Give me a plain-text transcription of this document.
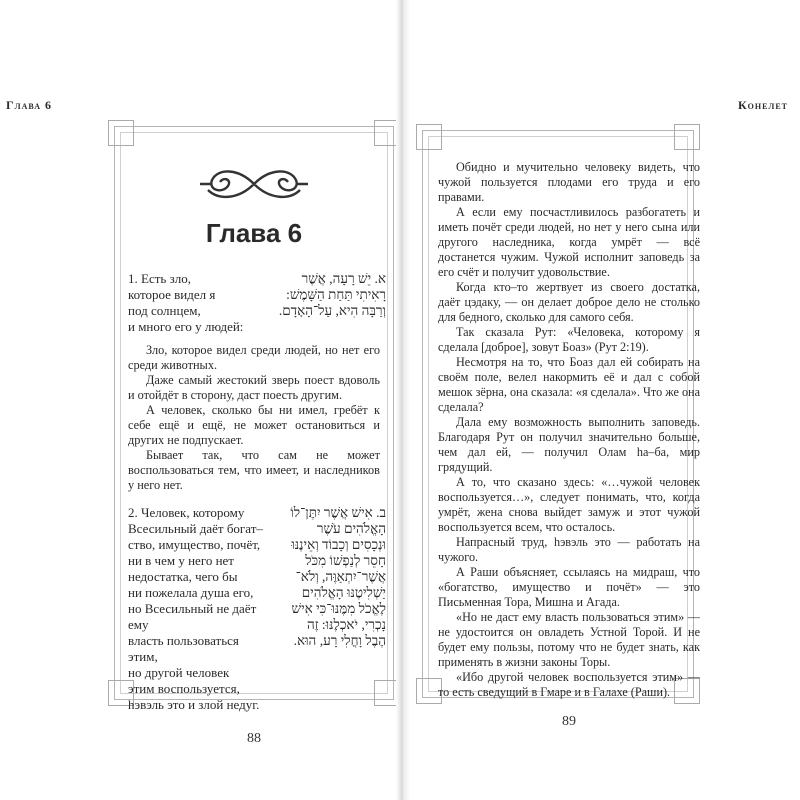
Глава 6
Глава 6
1. Есть зло,
которое видел я
под солнцем,
и много его у людей:
א. יֵשׁ רָעָה, אֲשֶׁר
רָאִיתִי תַּחַת הַשָּׁמֶשׁ:
וְרַבָּה הִיא, עַל־הָאָדָם.

Зло, которое видел среди людей, но нет его среди животных.

Даже самый жестокий зверь поест вдоволь и отойдёт в сторону, даст поесть другим.

А человек, сколько бы ни имел, гребёт к себе ещё и ещё, не может остановиться и других не подпускает.

Бывает так, что сам не может воспользоваться тем, что имеет, и наследников у него нет.

2. Человек, которому
Всесильный даёт богат–
ство, имущество, почёт,
ни в чем у него нет
недостатка, чего бы
ни пожелала душа его,
но Всесильный не даёт ему
власть пользоваться этим,
но другой человек
этим воспользуется,
hэвэль это и злой недуг.
ב. אִישׁ אֲשֶׁר יִתֶּן־לוֹ
הָאֱלֹהִים עֹשֶׁר
וּנְכָסִים וְכָבוֹד וְאֵינֶנּוּ
חָסֵר לְנַפְשׁוֹ מִכֹּל
אֲשֶׁר־יִתְאַוֶּה, וְלֹא־
יַשְׁלִיטֶנּוּ הָאֱלֹהִים
לֶאֱכֹל מִמֶּנּוּ־כִּי אִישׁ
נָכְרִי, יֹאכְלֶנּוּ: זֶה
הֶבֶל וָחֳלִי רָע, הוּא.
88
Коhелет

Обидно и мучительно человеку видеть, что чужой пользуется плодами его труда и его правами.

А если ему посчастливилось разбогатеть и иметь почёт среди людей, но нет у него сына или другого наследника, когда умрёт — всё достанется чужим. Чужой исполнит заповедь за его счёт и получит удовольствие.

Когда кто–то жертвует из своего достатка, даёт цэдаку, — он делает доброе дело не столько для бедного, сколько для самого себя.

Так сказала Рут: «Человека, которому я сделала [доброе], зовут Боаз» (Рут 2:19).

Несмотря на то, что Боаз дал ей собирать на своём поле, велел накормить её и дал с собой мешок зёрна, она сказала: «я сделала». Что же она сделала?

Дала ему возможность выполнить заповедь. Благодаря Рут он получил значительно больше, чем дал ей, — получил Олам hа–ба, мир грядущий.

А то, что сказано здесь: «…чужой человек воспользуется…», следует понимать, что, когда умрёт, жена снова выйдет замуж и этот чужой воспользуется всем, что осталось.

Напрасный труд, hэвэль это — работать на чужого.

А Раши объясняет, ссылаясь на мидраш, что «богатство, имущество и почёт» — это Письменная Тора, Мишна и Агада.

«Но не даст ему власть пользоваться этим» — не удостоится он овладеть Устной Торой. И не будет ему пользы, потому что не будет знать, как применять в жизни законы Торы.

«Ибо другой человек воспользуется этим» — то есть сведущий в Гмаре и в Галахе (Раши).

89
